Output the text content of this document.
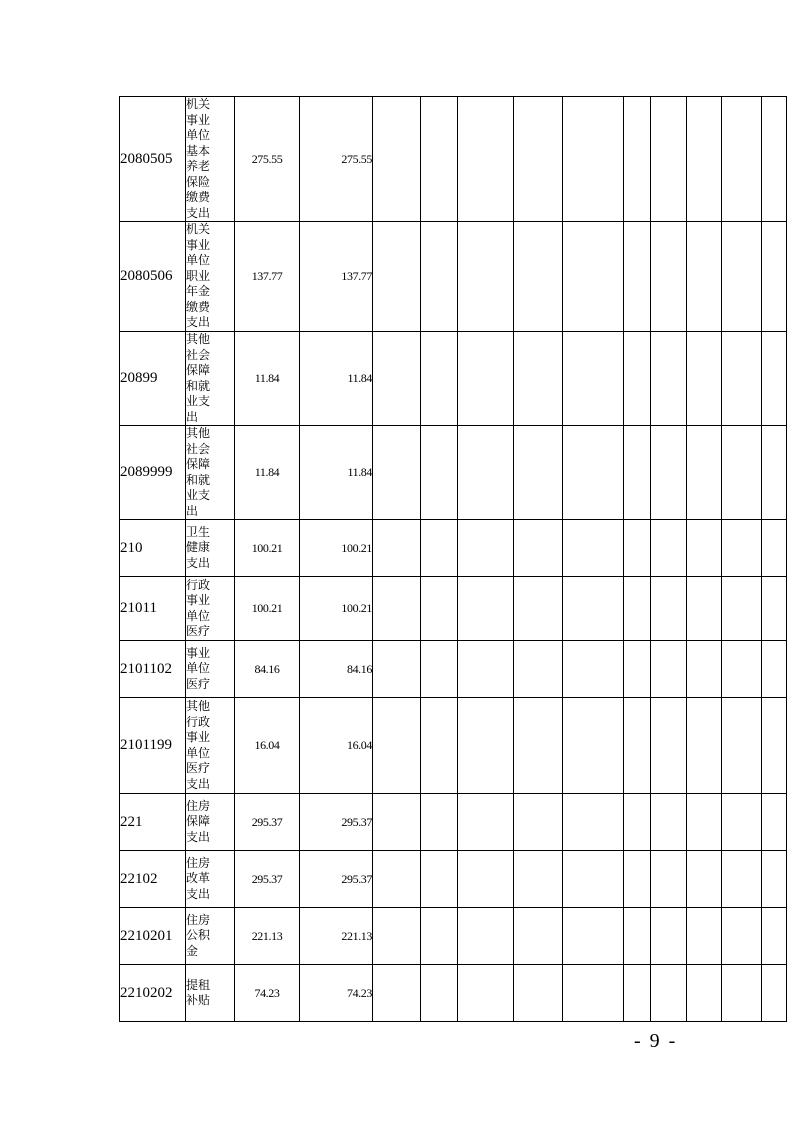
2080505	机关事业单位基本养老保险缴费支出	275.55	275.55										
2080506	机关事业单位职业年金缴费支出	137.77	137.77										
20899	其他社会保障和就业支出	11.84	11.84										
2089999	其他社会保障和就业支出	11.84	11.84										
210	卫生健康支出	100.21	100.21										
21011	行政事业单位医疗	100.21	100.21										
2101102	事业单位医疗	84.16	84.16										
2101199	其他行政事业单位医疗支出	16.04	16.04										
221	住房保障支出	295.37	295.37										
22102	住房改革支出	295.37	295.37										
2210201	住房公积金	221.13	221.13										
2210202	提租补贴	74.23	74.23										
- 9 -
